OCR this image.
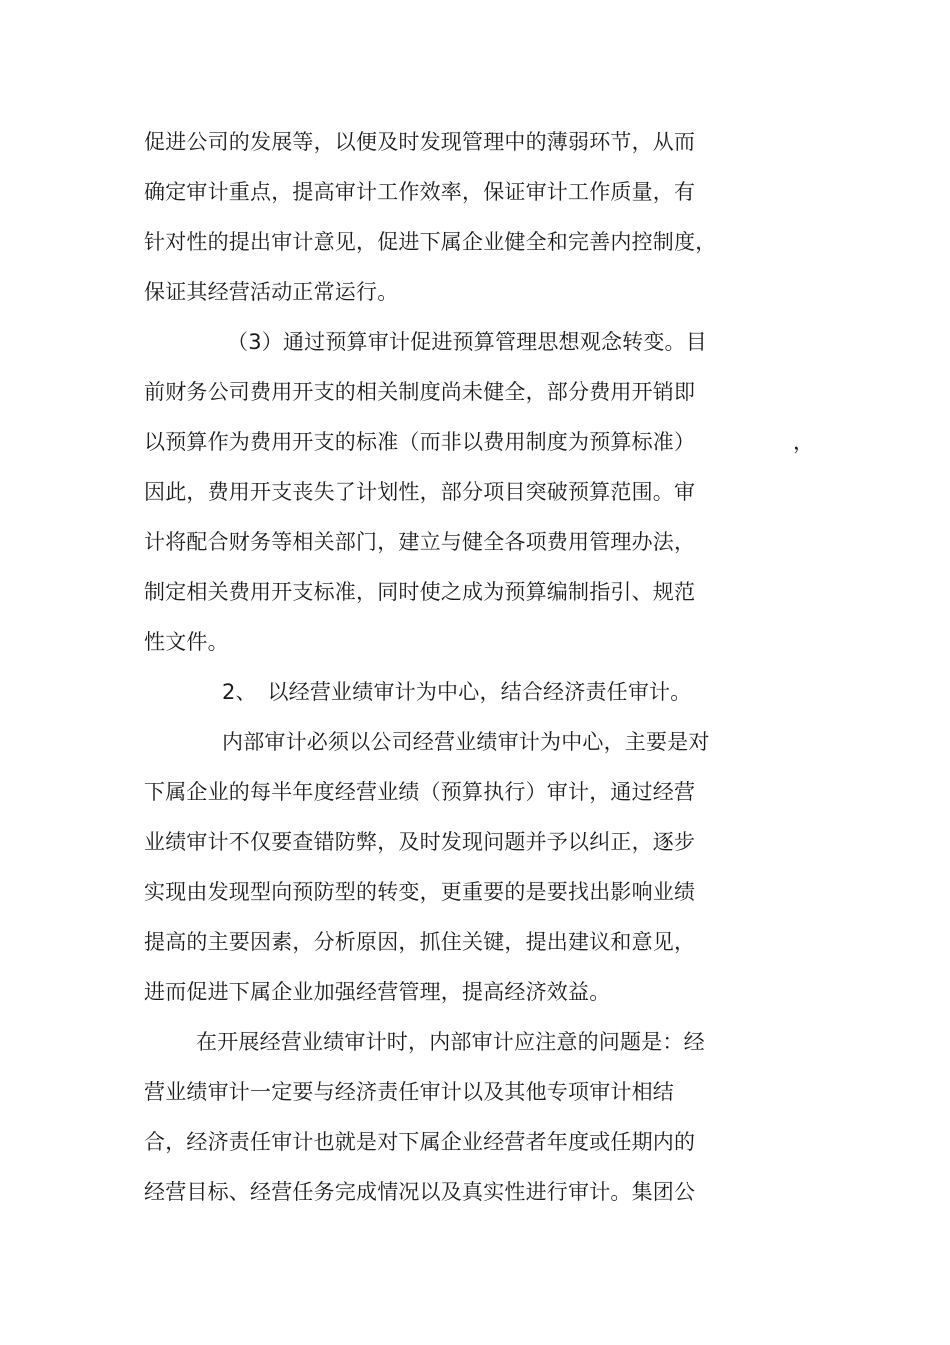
促进公司的发展等，以便及时发现管理中的薄弱环节，从而
确定审计重点，提高审计工作效率，保证审计工作质量，有
针对性的提出审计意见，促进下属企业健全和完善内控制度，
保证其经营活动正常运行。
（3）通过预算审计促进预算管理思想观念转变。目
前财务公司费用开支的相关制度尚未健全，部分费用开销即
以预算作为费用开支的标准（而非以费用制度为预算标准）	，
因此，费用开支丧失了计划性，部分项目突破预算范围。审
计将配合财务等相关部门，建立与健全各项费用管理办法，
制定相关费用开支标准，同时使之成为预算编制指引、规范
性文件。
2、　以经营业绩审计为中心，结合经济责任审计。
内部审计必须以公司经营业绩审计为中心，主要是对
下属企业的每半年度经营业绩（预算执行）审计，通过经营
业绩审计不仅要查错防弊，及时发现问题并予以纠正，逐步
实现由发现型向预防型的转变，更重要的是要找出影响业绩
提高的主要因素，分析原因，抓住关键，提出建议和意见，
进而促进下属企业加强经营管理，提高经济效益。
在开展经营业绩审计时，内部审计应注意的问题是：经
营业绩审计一定要与经济责任审计以及其他专项审计相结
合，经济责任审计也就是对下属企业经营者年度或任期内的
经营目标、经营任务完成情况以及真实性进行审计。集团公
